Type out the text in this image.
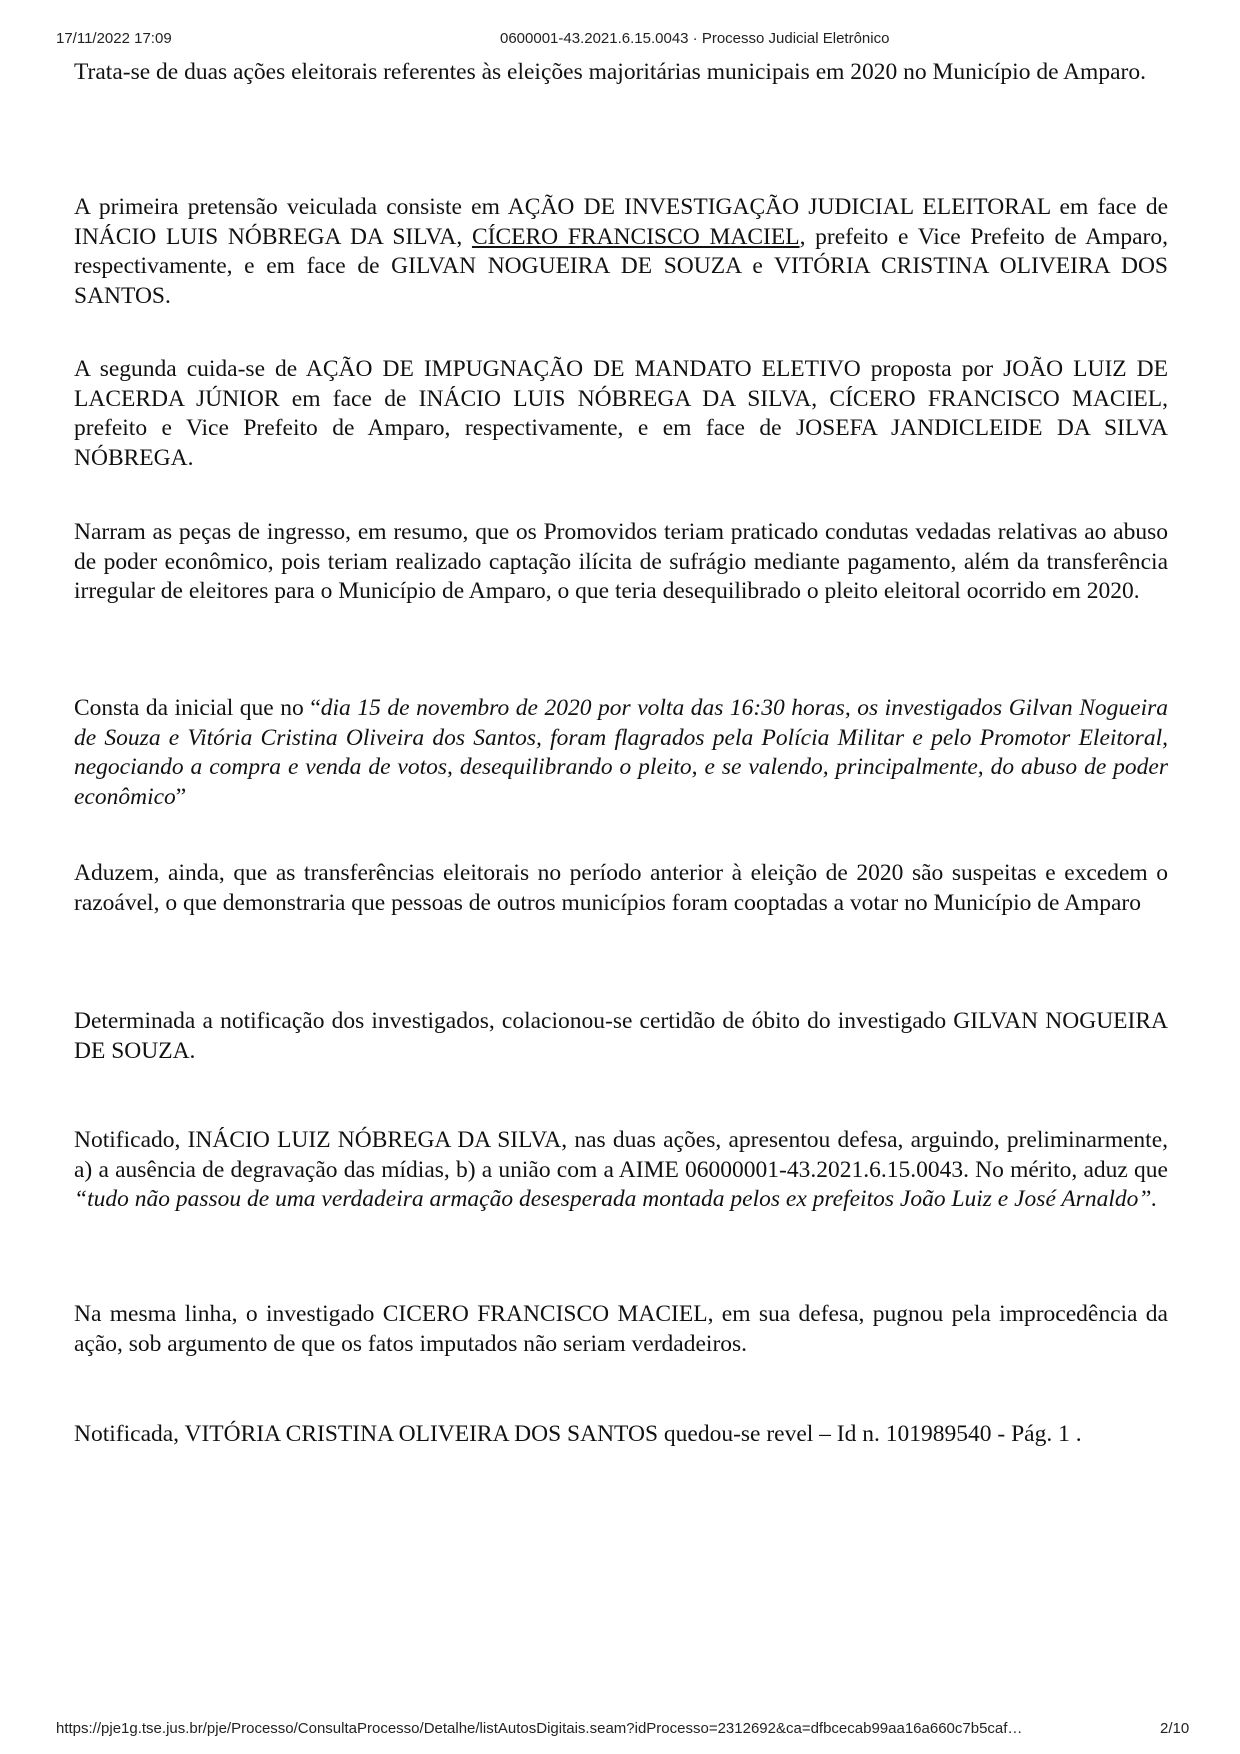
17/11/2022 17:09	0600001-43.2021.6.15.0043 · Processo Judicial Eletrônico

Trata-se de duas ações eleitorais referentes às eleições majoritárias municipais em 2020 no Município de Amparo.

A primeira pretensão veiculada consiste em AÇÃO DE INVESTIGAÇÃO JUDICIAL ELEITORAL em face de INÁCIO LUIS NÓBREGA DA SILVA, CÍCERO FRANCISCO MACIEL, prefeito e Vice Prefeito de Amparo, respectivamente, e em face de GILVAN NOGUEIRA DE SOUZA e VITÓRIA CRISTINA OLIVEIRA DOS SANTOS.

A segunda cuida-se de AÇÃO DE IMPUGNAÇÃO DE MANDATO ELETIVO proposta por JOÃO LUIZ DE LACERDA JÚNIOR em face de INÁCIO LUIS NÓBREGA DA SILVA, CÍCERO FRANCISCO MACIEL, prefeito e Vice Prefeito de Amparo, respectivamente, e em face de JOSEFA JANDICLEIDE DA SILVA NÓBREGA.

Narram as peças de ingresso, em resumo, que os Promovidos teriam praticado condutas vedadas relativas ao abuso de poder econômico, pois teriam realizado captação ilícita de sufrágio mediante pagamento, além da transferência irregular de eleitores para o Município de Amparo, o que teria desequilibrado o pleito eleitoral ocorrido em 2020.

Consta da inicial que no “dia 15 de novembro de 2020 por volta das 16:30 horas, os investigados Gilvan Nogueira de Souza e Vitória Cristina Oliveira dos Santos, foram flagrados pela Polícia Militar e pelo Promotor Eleitoral, negociando a compra e venda de votos, desequilibrando o pleito, e se valendo, principalmente, do abuso de poder econômico”

Aduzem, ainda, que as transferências eleitorais no período anterior à eleição de 2020 são suspeitas e excedem o razoável, o que demonstraria que pessoas de outros municípios foram cooptadas a votar no Município de Amparo

Determinada a notificação dos investigados, colacionou-se certidão de óbito do investigado GILVAN NOGUEIRA DE SOUZA.

Notificado, INÁCIO LUIZ NÓBREGA DA SILVA, nas duas ações, apresentou defesa, arguindo, preliminarmente, a) a ausência de degravação das mídias, b) a união com a AIME 06000001-43.2021.6.15.0043. No mérito, aduz que “tudo não passou de uma verdadeira armação desesperada montada pelos ex prefeitos João Luiz e José Arnaldo”.

Na mesma linha, o investigado CICERO FRANCISCO MACIEL, em sua defesa, pugnou pela improcedência da ação, sob argumento de que os fatos imputados não seriam verdadeiros.

Notificada, VITÓRIA CRISTINA OLIVEIRA DOS SANTOS quedou-se revel – Id n. 101989540 - Pág. 1 .

https://pje1g.tse.jus.br/pje/Processo/ConsultaProcesso/Detalhe/listAutosDigitais.seam?idProcesso=2312692&ca=dfbcecab99aa16a660c7b5caf…	2/10
